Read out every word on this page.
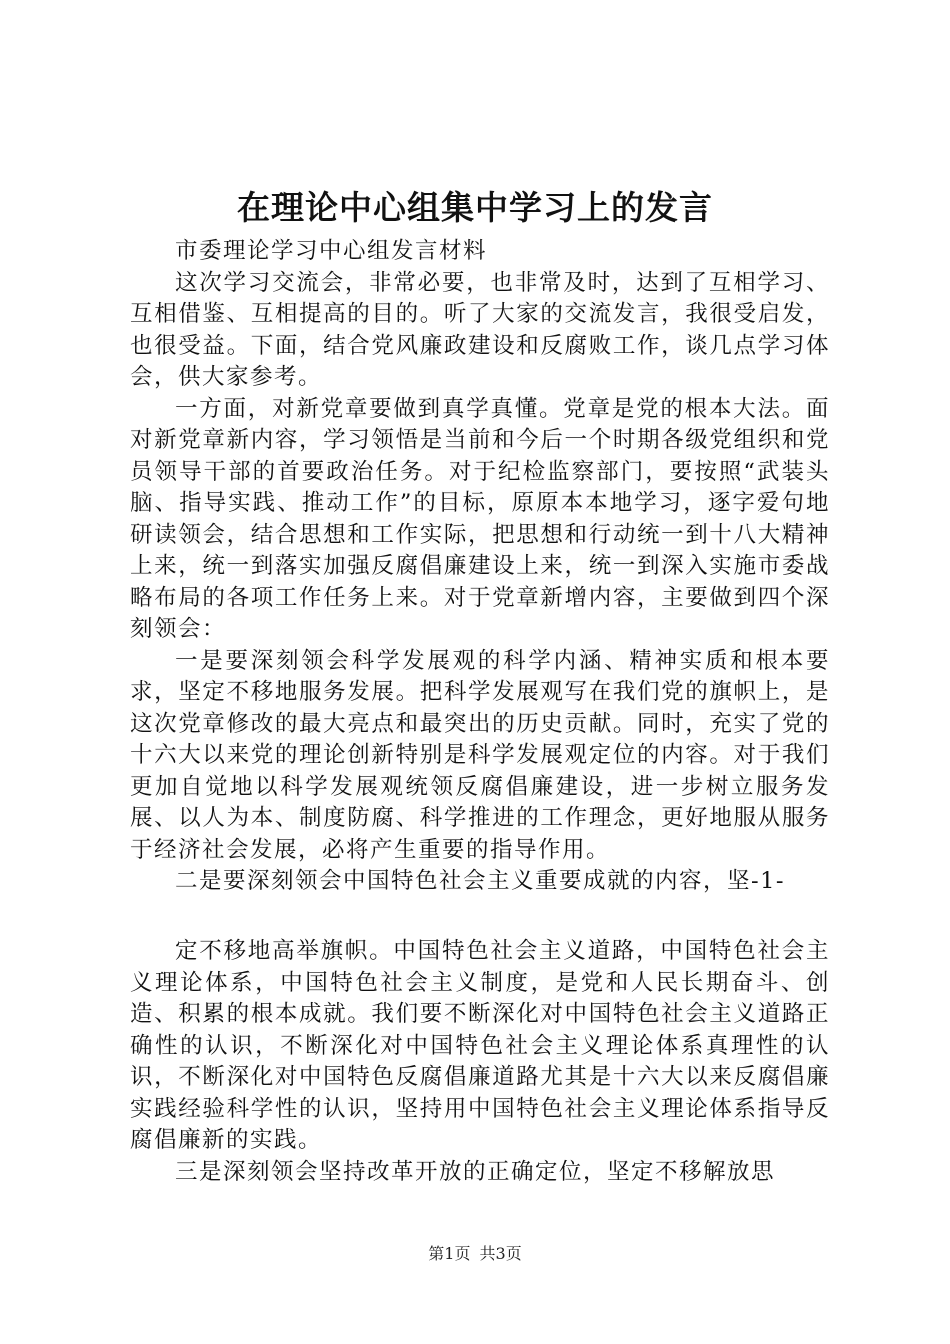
在理论中心组集中学习上的发言

市委理论学习中心组发言材料

这次学习交流会，非常必要，也非常及时，达到了互相学习、互相借鉴、互相提高的目的。听了大家的交流发言，我很受启发，也很受益。下面，结合党风廉政建设和反腐败工作，谈几点学习体会，供大家参考。

一方面，对新党章要做到真学真懂。党章是党的根本大法。面对新党章新内容，学习领悟是当前和今后一个时期各级党组织和党员领导干部的首要政治任务。对于纪检监察部门，要按照“武装头脑、指导实践、推动工作”的目标，原原本本地学习，逐字爱句地研读领会，结合思想和工作实际，把思想和行动统一到十八大精神上来，统一到落实加强反腐倡廉建设上来，统一到深入实施市委战略布局的各项工作任务上来。对于党章新增内容，主要做到四个深刻领会：

一是要深刻领会科学发展观的科学内涵、精神实质和根本要求，坚定不移地服务发展。把科学发展观写在我们党的旗帜上，是这次党章修改的最大亮点和最突出的历史贡献。同时，充实了党的十六大以来党的理论创新特别是科学发展观定位的内容。对于我们更加自觉地以科学发展观统领反腐倡廉建设，进一步树立服务发展、以人为本、制度防腐、科学推进的工作理念，更好地服从服务于经济社会发展，必将产生重要的指导作用。

二是要深刻领会中国特色社会主义重要成就的内容，坚-1-

定不移地高举旗帜。中国特色社会主义道路，中国特色社会主义理论体系，中国特色社会主义制度，是党和人民长期奋斗、创造、积累的根本成就。我们要不断深化对中国特色社会主义道路正确性的认识，不断深化对中国特色社会主义理论体系真理性的认识，不断深化对中国特色反腐倡廉道路尤其是十六大以来反腐倡廉实践经验科学性的认识，坚持用中国特色社会主义理论体系指导反腐倡廉新的实践。

三是深刻领会坚持改革开放的正确定位，坚定不移解放思

第1页 共3页
